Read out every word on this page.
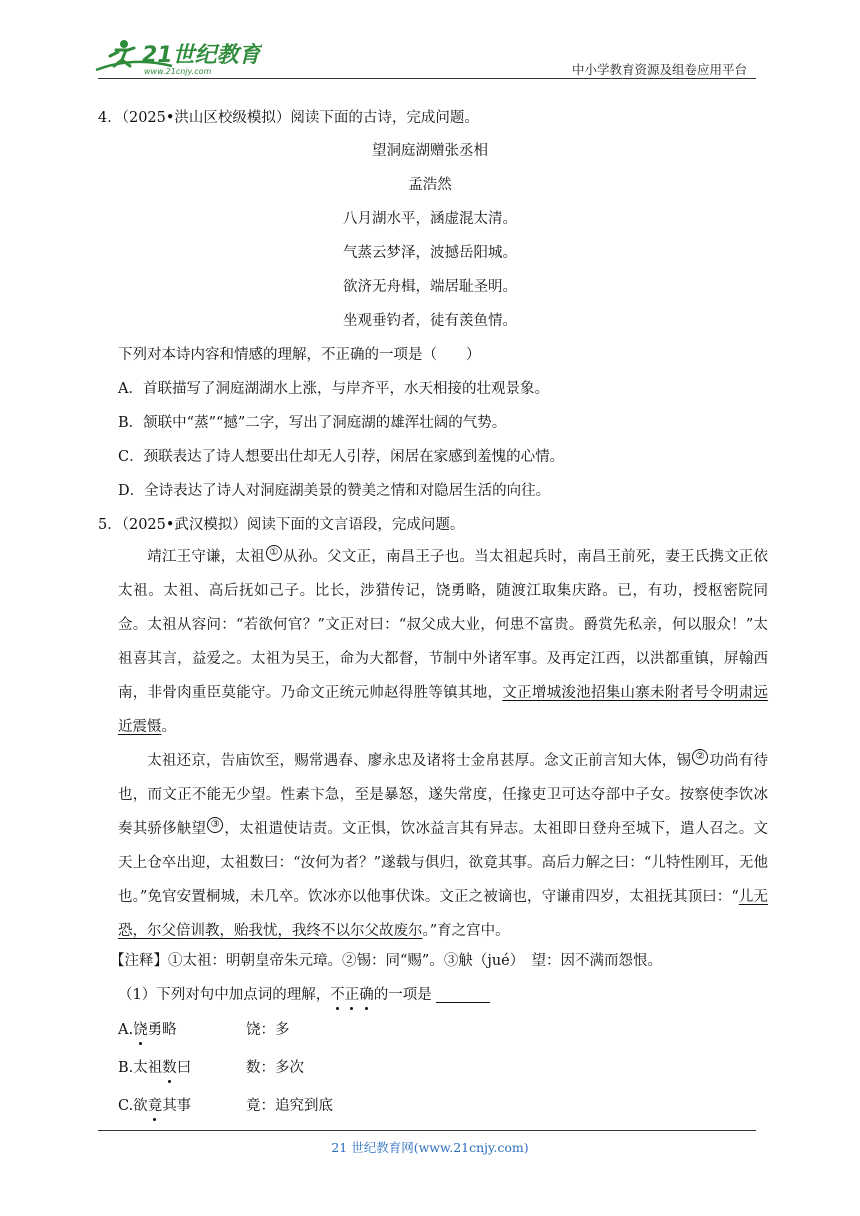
21世纪教育
www.21cnjy.com	中小学教育资源及组卷应用平台
4．（2025•洪山区校级模拟）阅读下面的古诗，完成问题。
望洞庭湖赠张丞相
孟浩然
八月湖水平，涵虚混太清。
气蒸云梦泽，波撼岳阳城。
欲济无舟楫，端居耻圣明。
坐观垂钓者，徒有羡鱼情。
下列对本诗内容和情感的理解，不正确的一项是（　　）
A．首联描写了洞庭湖湖水上涨，与岸齐平，水天相接的壮观景象。
B．颔联中“蒸”“撼”二字，写出了洞庭湖的雄浑壮阔的气势。
C．颈联表达了诗人想要出仕却无人引荐，闲居在家感到羞愧的心情。
D．全诗表达了诗人对洞庭湖美景的赞美之情和对隐居生活的向往。
5．（2025•武汉模拟）阅读下面的文言语段，完成问题。
靖江王守谦，太祖 ① 从孙。父文正，南昌王子也。当太祖起兵时，南昌王前死，妻王氏携文正依太祖。太祖、高后抚如己子。比长，涉猎传记，饶勇略，随渡江取集庆路。已，有功，授枢密院同佥。太祖从容问：“若欲何官？”文正对曰：“叔父成大业，何患不富贵。爵赏先私亲，何以服众！”太祖喜其言，益爱之。太祖为吴王，命为大都督，节制中外诸军事。及再定江西，以洪都重镇，屏翰西南，非骨肉重臣莫能守。乃命文正统元帅赵得胜等镇其地，文正增城浚池招集山寨未附者号令明肃远近震慑。
太祖还京，告庙饮至，赐常遇春、廖永忠及诸将士金帛甚厚。念文正前言知大体，锡 ② 功尚有待也，而文正不能无少望。性素卞急，至是暴怒，遂失常度，任掾吏卫可达夺部中子女。按察使李饮冰奏其骄侈觖望 ③ ，太祖遣使诘责。文正惧，饮冰益言其有异志。太祖即日登舟至城下，遣人召之。文天上仓卒出迎，太祖数曰：“汝何为者？”遂载与俱归，欲竟其事。高后力解之曰：“儿特性刚耳，无他也。”免官安置桐城，未几卒。饮冰亦以他事伏诛。文正之被谪也，守谦甫四岁，太祖抚其顶曰：“儿无恐，尔父倍训教，贻我忧，我终不以尔父故废尔。”育之宫中。
【注释】①太祖：明朝皇帝朱元璋。②锡：同“赐”。③觖（jué）　望：因不满而怨恨。
（1）下列对句中加点词的理解，不正确的一项是
A.饶勇略	饶：多
B.太祖数曰	数：多次
C.欲竟其事	竟：追究到底
21 世纪教育网(www.21cnjy.com)
